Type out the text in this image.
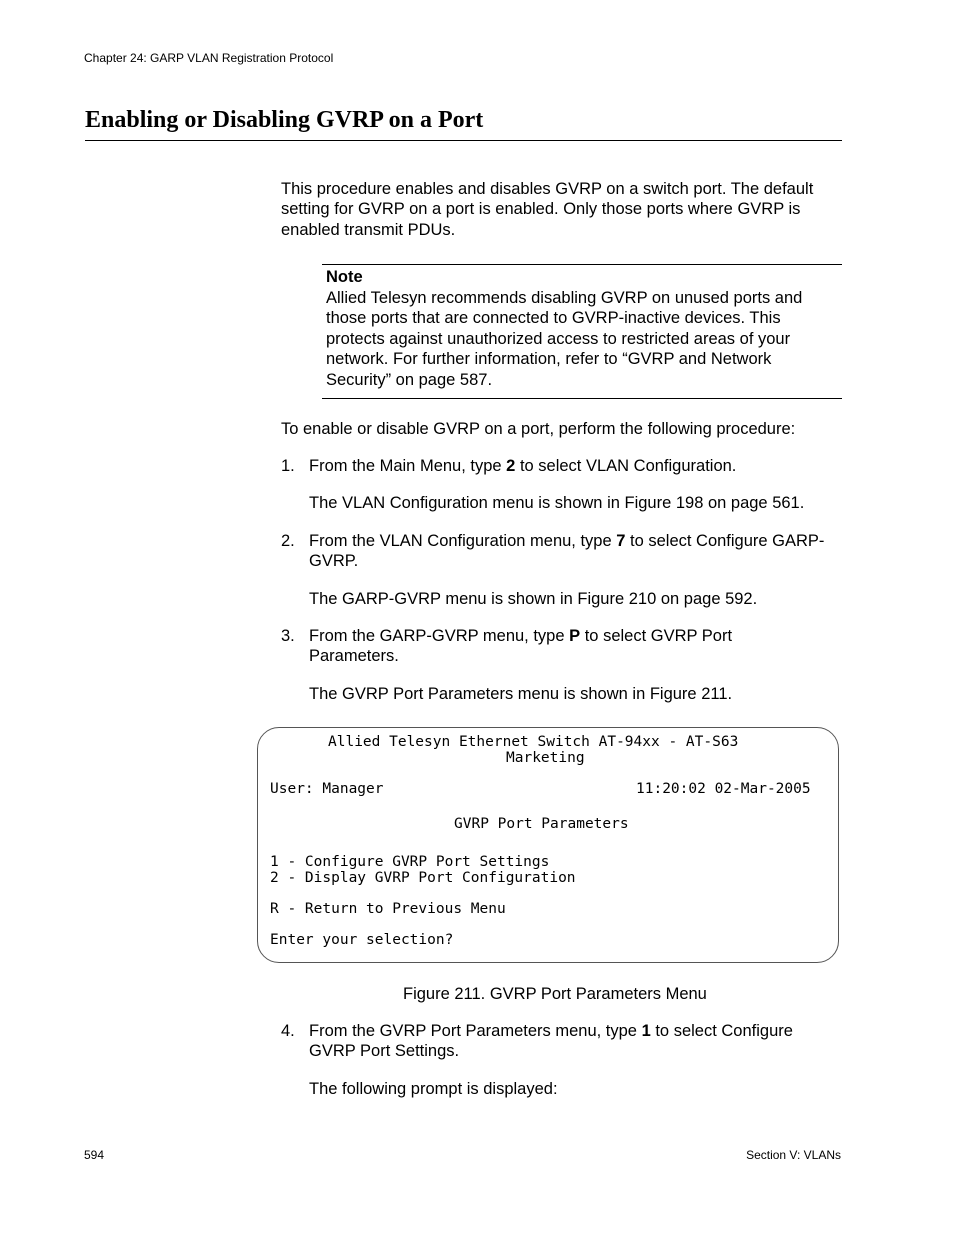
Chapter 24: GARP VLAN Registration Protocol
Enabling or Disabling GVRP on a Port
This procedure enables and disables GVRP on a switch port. The default setting for GVRP on a port is enabled. Only those ports where GVRP is enabled transmit PDUs.
Note
Allied Telesyn recommends disabling GVRP on unused ports and those ports that are connected to GVRP-inactive devices. This protects against unauthorized access to restricted areas of your network. For further information, refer to “GVRP and Network Security” on page 587.
To enable or disable GVRP on a port, perform the following procedure:
1. From the Main Menu, type 2 to select VLAN Configuration.
The VLAN Configuration menu is shown in Figure 198 on page 561.
2. From the VLAN Configuration menu, type 7 to select Configure GARP-GVRP.
The GARP-GVRP menu is shown in Figure 210 on page 592.
3. From the GARP-GVRP menu, type P to select GVRP Port Parameters.
The GVRP Port Parameters menu is shown in Figure 211.
Allied Telesyn Ethernet Switch AT-94xx - AT-S63
Marketing
User: Manager	11:20:02 02-Mar-2005
GVRP Port Parameters
1 - Configure GVRP Port Settings
2 - Display GVRP Port Configuration
R - Return to Previous Menu
Enter your selection?
Figure 211. GVRP Port Parameters Menu
4. From the GVRP Port Parameters menu, type 1 to select Configure GVRP Port Settings.
The following prompt is displayed:
594	Section V: VLANs
